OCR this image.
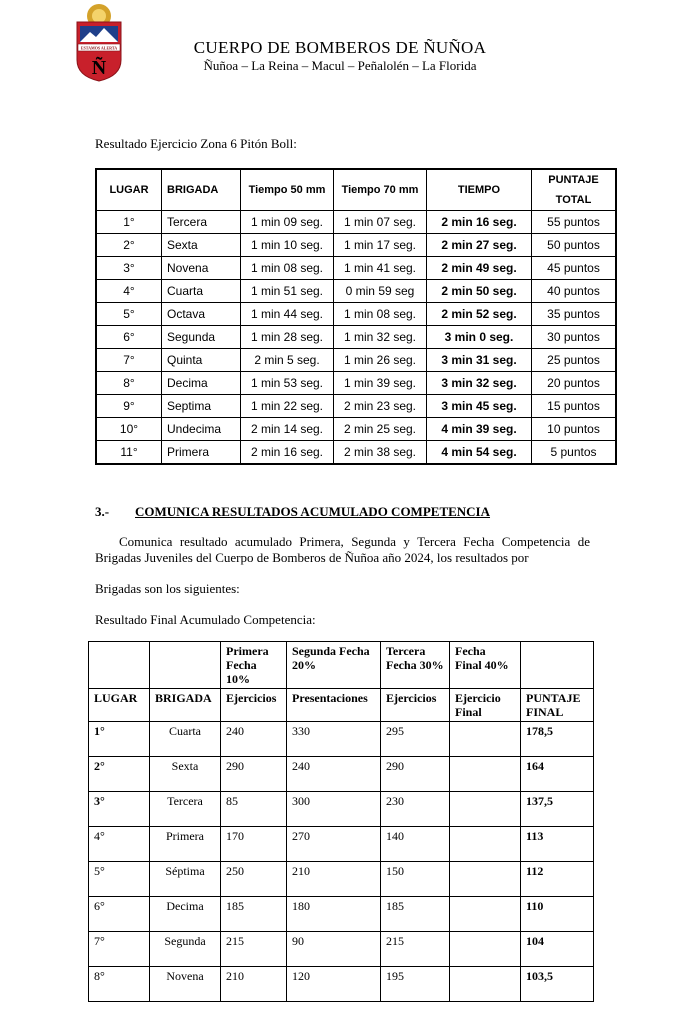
ESTAMOS ALERTA
Ñ
CUERPO DE BOMBEROS DE ÑUÑOA
Ñuñoa – La Reina – Macul – Peñalolén – La Florida

Resultado Ejercicio Zona 6 Pitón Boll:

LUGAR	BRIGADA	Tiempo 50 mm	Tiempo 70 mm	TIEMPO	PUNTAJE TOTAL
1°	Tercera	1 min 09 seg.	1 min 07 seg.	2 min 16 seg.	55 puntos
2°	Sexta	1 min 10 seg.	1 min 17 seg.	2 min 27 seg.	50 puntos
3°	Novena	1 min 08 seg.	1 min 41 seg.	2 min 49 seg.	45 puntos
4°	Cuarta	1 min 51 seg.	0 min 59 seg	2 min 50 seg.	40 puntos
5°	Octava	1 min 44 seg.	1 min 08 seg.	2 min 52 seg.	35 puntos
6°	Segunda	1 min 28 seg.	1 min 32 seg.	3 min 0 seg.	30 puntos
7°	Quinta	2 min 5 seg.	1 min 26 seg.	3 min 31 seg.	25 puntos
8°	Decima	1 min 53 seg.	1 min 39 seg.	3 min 32 seg.	20 puntos
9°	Septima	1 min 22 seg.	2 min 23 seg.	3 min 45 seg.	15 puntos
10°	Undecima	2 min 14 seg.	2 min 25 seg.	4 min 39 seg.	10 puntos
11°	Primera	2 min 16 seg.	2 min 38 seg.	4 min 54 seg.	5 puntos
3.- COMUNICA RESULTADOS ACUMULADO COMPETENCIA

Comunica resultado acumulado Primera, Segunda y Tercera Fecha Competencia de Brigadas Juveniles del Cuerpo de Bomberos de Ñuñoa año 2024, los resultados por

Brigadas son los siguientes:

Resultado Final Acumulado Competencia:

		Primera Fecha 10%	Segunda Fecha 20%	Tercera Fecha 30%	Fecha Final 40%	
LUGAR	BRIGADA	Ejercicios	Presentaciones	Ejercicios	Ejercicio Final	PUNTAJE FINAL
1°	Cuarta	240	330	295		178,5
2°	Sexta	290	240	290		164
3°	Tercera	85	300	230		137,5
4°	Primera	170	270	140		113
5°	Séptima	250	210	150		112
6°	Decima	185	180	185		110
7°	Segunda	215	90	215		104
8°	Novena	210	120	195		103,5
